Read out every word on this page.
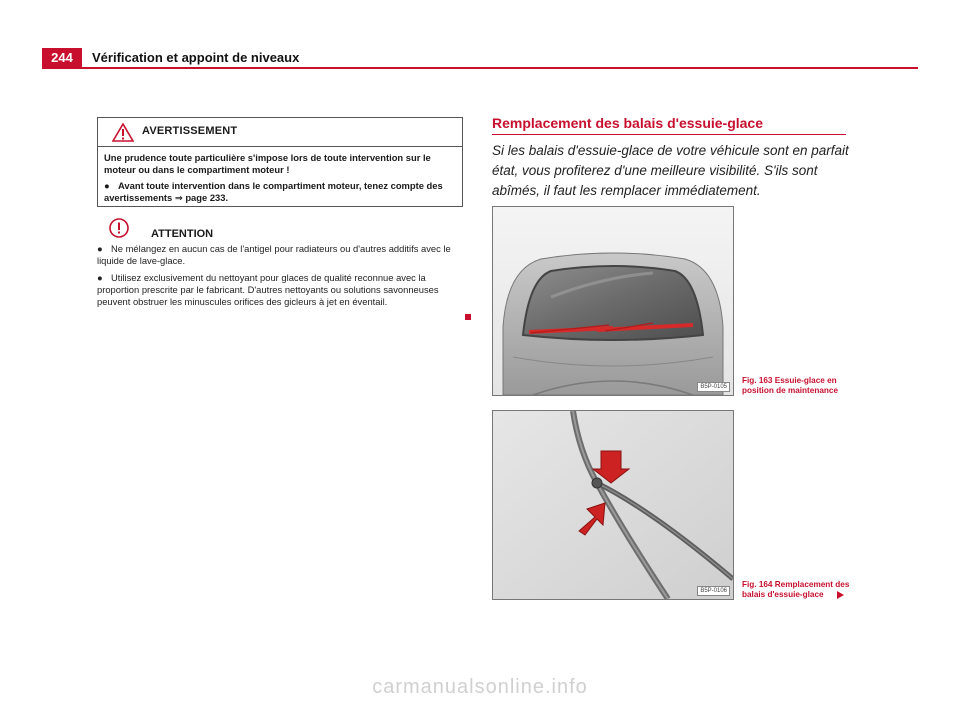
244	Vérification et appoint de niveaux
AVERTISSEMENT

Une prudence toute particulière s'impose lors de toute intervention sur le moteur ou dans le compartiment moteur !

● Avant toute intervention dans le compartiment moteur, tenez compte des avertissements ⇒ page 233.

ATTENTION

● Ne mélangez en aucun cas de l'antigel pour radiateurs ou d'autres additifs avec le liquide de lave-glace.

● Utilisez exclusivement du nettoyant pour glaces de qualité reconnue avec la proportion prescrite par le fabricant. D'autres nettoyants ou solutions savonneuses peuvent obstruer les minuscules orifices des gicleurs à jet en éventail.

Remplacement des balais d'essuie-glace
Si les balais d'essuie-glace de votre véhicule sont en parfait état, vous profiterez d'une meilleure visibilité. S'ils sont abîmés, il faut les remplacer immédiatement.
B5P-0105
Fig. 163 Essuie-glace en position de maintenance
B5P-0106
Fig. 164 Remplacement des balais d'essuie-glace
carmanualsonline.info
